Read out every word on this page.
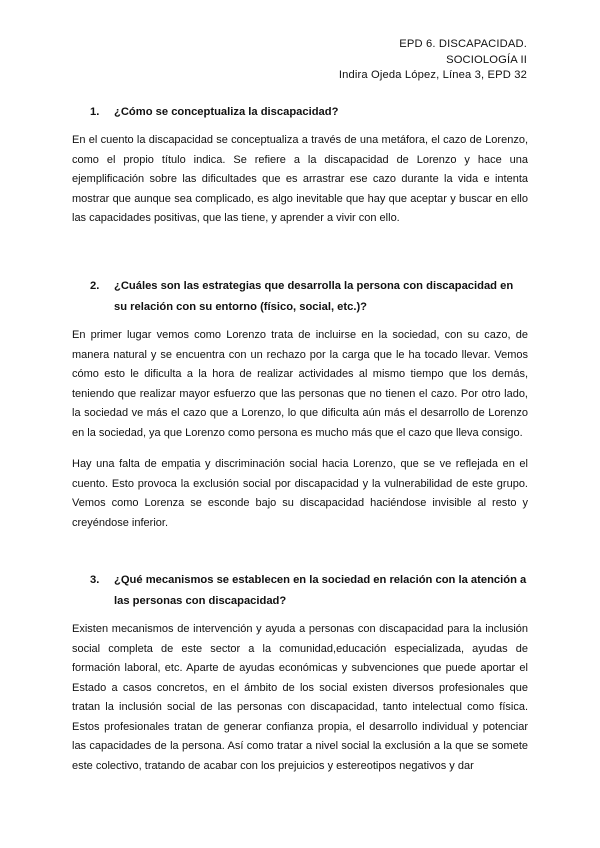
EPD 6. DISCAPACIDAD.
SOCIOLOGÍA II
Indira Ojeda López, Línea 3, EPD 32
1.	¿Cómo se conceptualiza la discapacidad?

En el cuento la discapacidad se conceptualiza a través de una metáfora, el cazo de Lorenzo, como el propio título indica. Se refiere a la discapacidad de Lorenzo y hace una ejemplificación sobre las dificultades que es arrastrar ese cazo durante la vida e intenta mostrar que aunque sea complicado, es algo inevitable que hay que aceptar y buscar en ello las capacidades positivas, que las tiene, y aprender a vivir con ello.

2.	¿Cuáles son las estrategias que desarrolla la persona con discapacidad en su relación con su entorno (físico, social, etc.)?

En primer lugar vemos como Lorenzo trata de incluirse en la sociedad, con su cazo, de manera natural y se encuentra con un rechazo por la carga que le ha tocado llevar. Vemos cómo esto le dificulta a la hora de realizar actividades al mismo tiempo que los demás, teniendo que realizar mayor esfuerzo que las personas que no tienen el cazo. Por otro lado, la sociedad ve más el cazo que a Lorenzo, lo que dificulta aún más el desarrollo de Lorenzo en la sociedad, ya que Lorenzo como persona es mucho más que el cazo que lleva consigo.

Hay una falta de empatia y discriminación social hacia Lorenzo, que se ve reflejada en el cuento. Esto provoca la exclusión social por discapacidad y la vulnerabilidad de este grupo. Vemos como Lorenza se esconde bajo su discapacidad haciéndose invisible al resto y creyéndose inferior.

3.	¿Qué mecanismos se establecen en la sociedad en relación con la atención a las personas con discapacidad?

Existen mecanismos de intervención y ayuda a personas con discapacidad para la inclusión social completa de este sector a la comunidad,educación especializada, ayudas de formación laboral, etc. Aparte de ayudas económicas y subvenciones que puede aportar el Estado a casos concretos, en el ámbito de los social existen diversos profesionales que tratan la inclusión social de las personas con discapacidad, tanto intelectual como física. Estos profesionales tratan de generar confianza propia, el desarrollo individual y potenciar las capacidades de la persona. Así como tratar a nivel social la exclusión a la que se somete este colectivo, tratando de acabar con los prejuicios y estereotipos negativos y dar
